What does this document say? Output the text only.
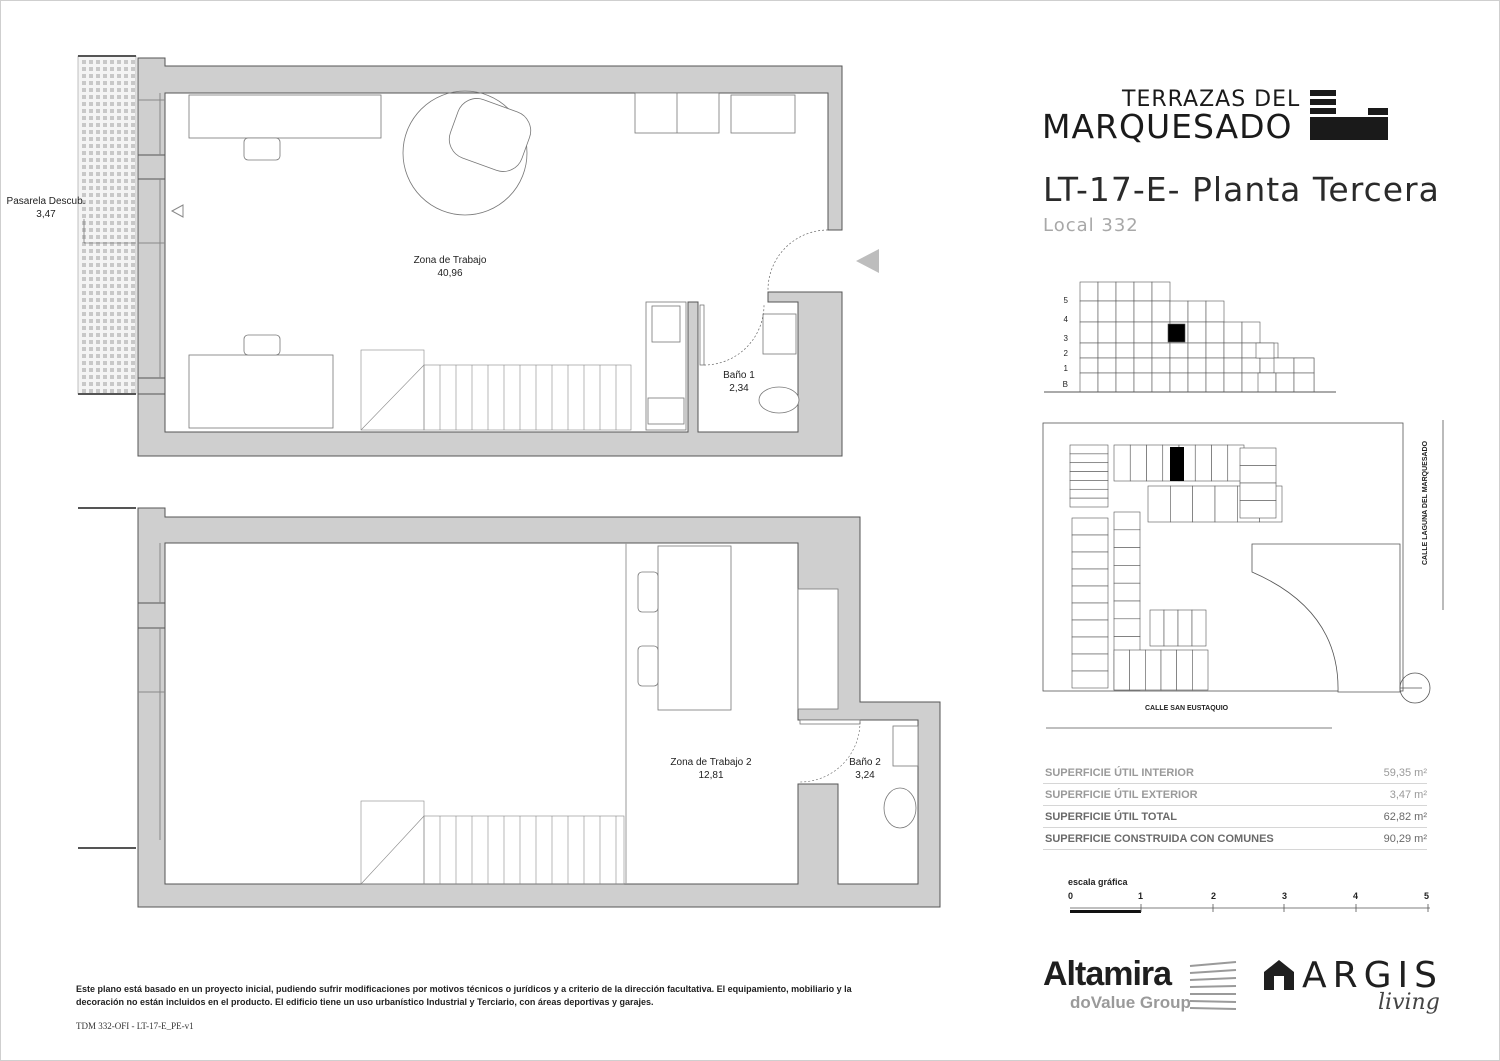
Pasarela Descub.
3,47
Zona de Trabajo
40,96
Baño 1
2,34
Zona de Trabajo 2
12,81
Baño 2
3,24
TERRAZAS DEL
MARQUESADO
LT-17-E- Planta Tercera
Local 332
5
4
3
2
1
B
CALLE SAN EUSTAQUIO
CALLE LAGUNA DEL MARQUESADO
SUPERFICIE ÚTIL INTERIOR	59,35 m²
SUPERFICIE ÚTIL EXTERIOR	3,47 m²
SUPERFICIE ÚTIL TOTAL	62,82 m²
SUPERFICIE CONSTRUIDA CON COMUNES	90,29 m²
escala gráfica
0	1	2	3	4	5
Altamira
doValue Group
ARGIS
living
Este plano está basado en un proyecto inicial, pudiendo sufrir modificaciones por motivos técnicos o jurídicos y a criterio de la dirección facultativa. El equipamiento, mobiliario y la decoración no están incluidos en el producto. El edificio tiene un uso urbanístico Industrial y Terciario, con áreas deportivas y garajes.
TDM 332-OFI - LT-17-E_PE-v1
